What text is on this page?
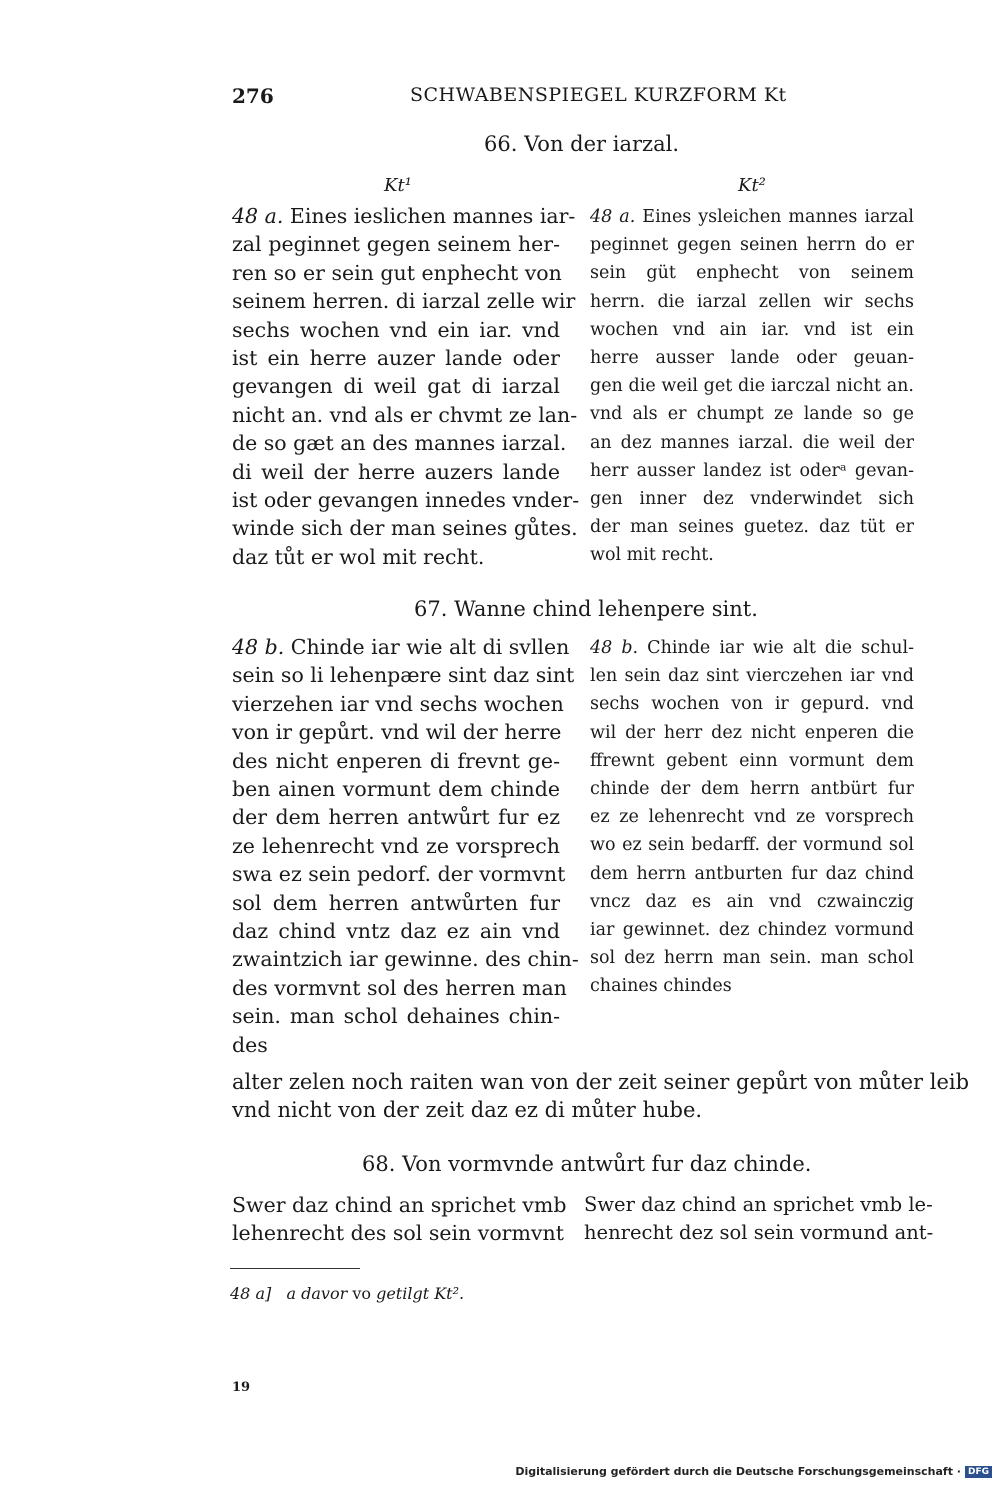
276	SCHWABENSPIEGEL KURZFORM Kt
66. Von der iarzal.
Kt¹	Kt²
48 a. Eines ieslichen mannes iar-
zal peginnet gegen seinem her-
ren so er sein gut enphecht von
seinem herren. di iarzal zelle wir
sechs wochen vnd ein iar. vnd
ist ein herre auzer lande oder
gevangen di weil gat di iarzal
nicht an. vnd als er chvmt ze lan-
de so gæt an des mannes iarzal.
di weil der herre auzers lande
ist oder gevangen innedes vnder-
winde sich der man seines gůtes.
daz tůt er wol mit recht.
48 a. Eines ysleichen mannes iarzal
peginnet gegen seinen herrn do er
sein güt enphecht von seinem
herrn. die iarzal zellen wir sechs
wochen vnd ain iar. vnd ist ein
herre ausser lande oder geuan-
gen die weil get die iarczal nicht an.
vnd als er chumpt ze lande so ge
an dez mannes iarzal. die weil der
herr ausser landez ist oderᵃ gevan-
gen inner dez vnderwindet sich
der man seines guetez. daz tüt er
wol mit recht.
67. Wanne chind lehenpere sint.
48 b. Chinde iar wie alt di svllen
sein so li lehenpære sint daz sint
vierzehen iar vnd sechs wochen
von ir gepůrt. vnd wil der herre
des nicht enperen di frevnt ge-
ben ainen vormunt dem chinde
der dem herren antwůrt fur ez
ze lehenrecht vnd ze vorsprech
swa ez sein pedorf. der vormvnt
sol dem herren antwůrten fur
daz chind vntz daz ez ain vnd
zwaintzich iar gewinne. des chin-
des vormvnt sol des herren man
sein. man schol dehaines chin-
des
48 b. Chinde iar wie alt die schul-
len sein daz sint vierczehen iar vnd
sechs wochen von ir gepurd. vnd
wil der herr dez nicht enperen die
ffrewnt gebent einn vormunt dem
chinde der dem herrn antbürt fur
ez ze lehenrecht vnd ze vorsprech
wo ez sein bedarff. der vormund sol
dem herrn antburten fur daz chind
vncz daz es ain vnd czwainczig
iar gewinnet. dez chindez vormund
sol dez herrn man sein. man schol
chaines chindes
alter zelen noch raiten wan von der zeit seiner gepůrt von můter leib
vnd nicht von der zeit daz ez di můter hube.
68. Von vormvnde antwůrt fur daz chinde.
Swer daz chind an sprichet vmb
lehenrecht des sol sein vormvnt
Swer daz chind an sprichet vmb le-
henrecht dez sol sein vormund ant-
48 a] a davor vo getilgt Kt².
19
Digitalisierung gefördert durch die Deutsche Forschungsgemeinschaft · DFG
